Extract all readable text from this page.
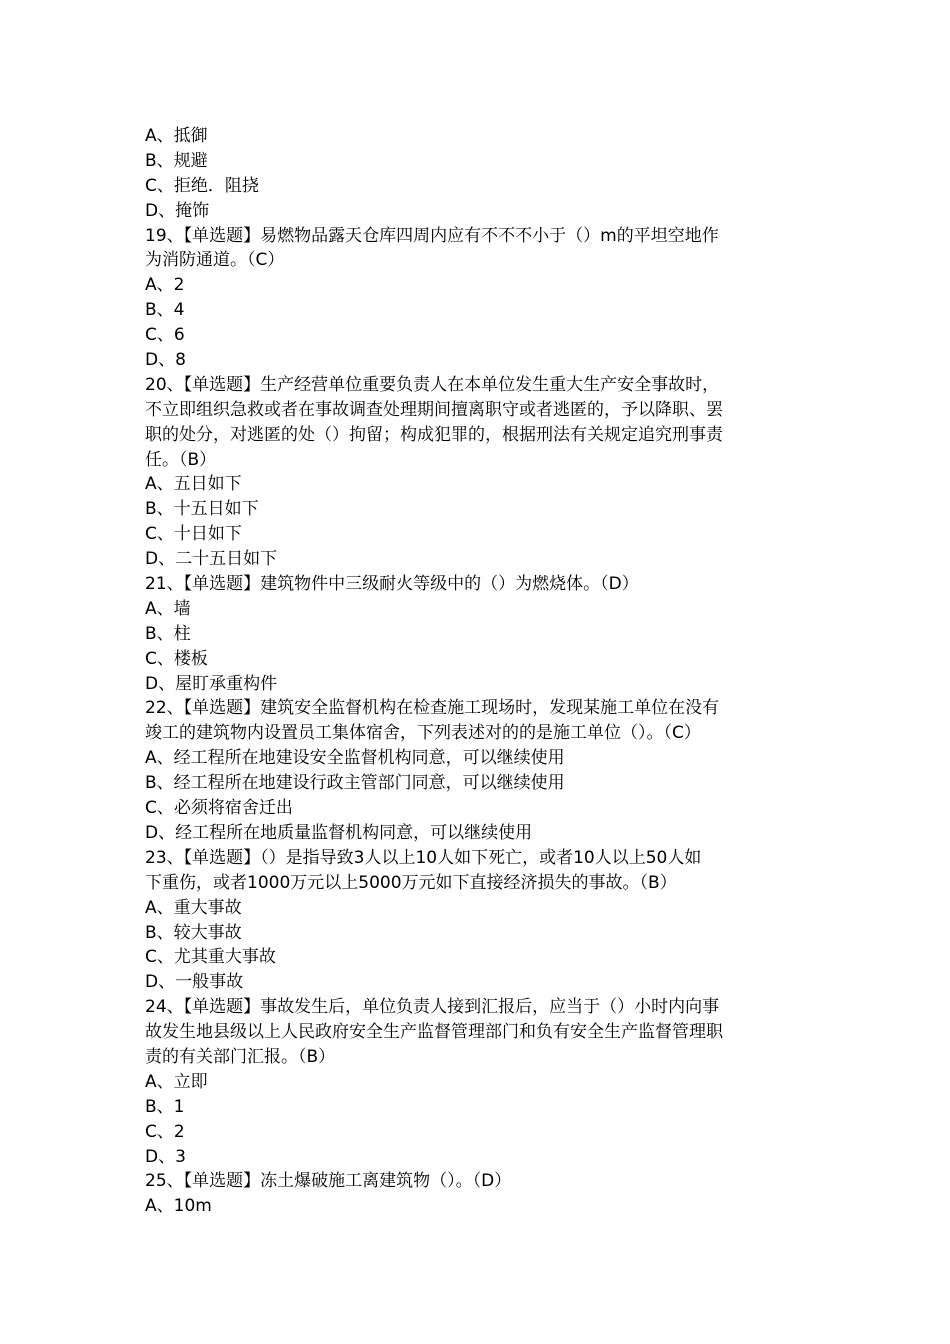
A、抵御
B、规避
C、拒绝．阻挠
D、掩饰
19、【单选题】易燃物品露天仓库四周内应有不不不小于（）m的平坦空地作
为消防通道。（C）
A、2
B、4
C、6
D、8
20、【单选题】生产经营单位重要负责人在本单位发生重大生产安全事故时，
不立即组织急救或者在事故调查处理期间擅离职守或者逃匿的，予以降职、罢
职的处分，对逃匿的处（）拘留；构成犯罪的，根据刑法有关规定追究刑事责
任。（B）
A、五日如下
B、十五日如下
C、十日如下
D、二十五日如下
21、【单选题】建筑物件中三级耐火等级中的（）为燃烧体。（D）
A、墙
B、柱
C、楼板
D、屋盯承重构件
22、【单选题】建筑安全监督机构在检查施工现场时，发现某施工单位在没有
竣工的建筑物内设置员工集体宿舍，下列表述对的的是施工单位（）。（C）
A、经工程所在地建设安全监督机构同意，可以继续使用
B、经工程所在地建设行政主管部门同意，可以继续使用
C、必须将宿舍迁出
D、经工程所在地质量监督机构同意，可以继续使用
23、【单选题】（）是指导致3人以上10人如下死亡，或者10人以上50人如
下重伤，或者1000万元以上5000万元如下直接经济损失的事故。（B）
A、重大事故
B、较大事故
C、尤其重大事故
D、一般事故
24、【单选题】事故发生后，单位负责人接到汇报后，应当于（）小时内向事
故发生地县级以上人民政府安全生产监督管理部门和负有安全生产监督管理职
责的有关部门汇报。（B）
A、立即
B、1
C、2
D、3
25、【单选题】冻土爆破施工离建筑物（）。（D）
A、10m
